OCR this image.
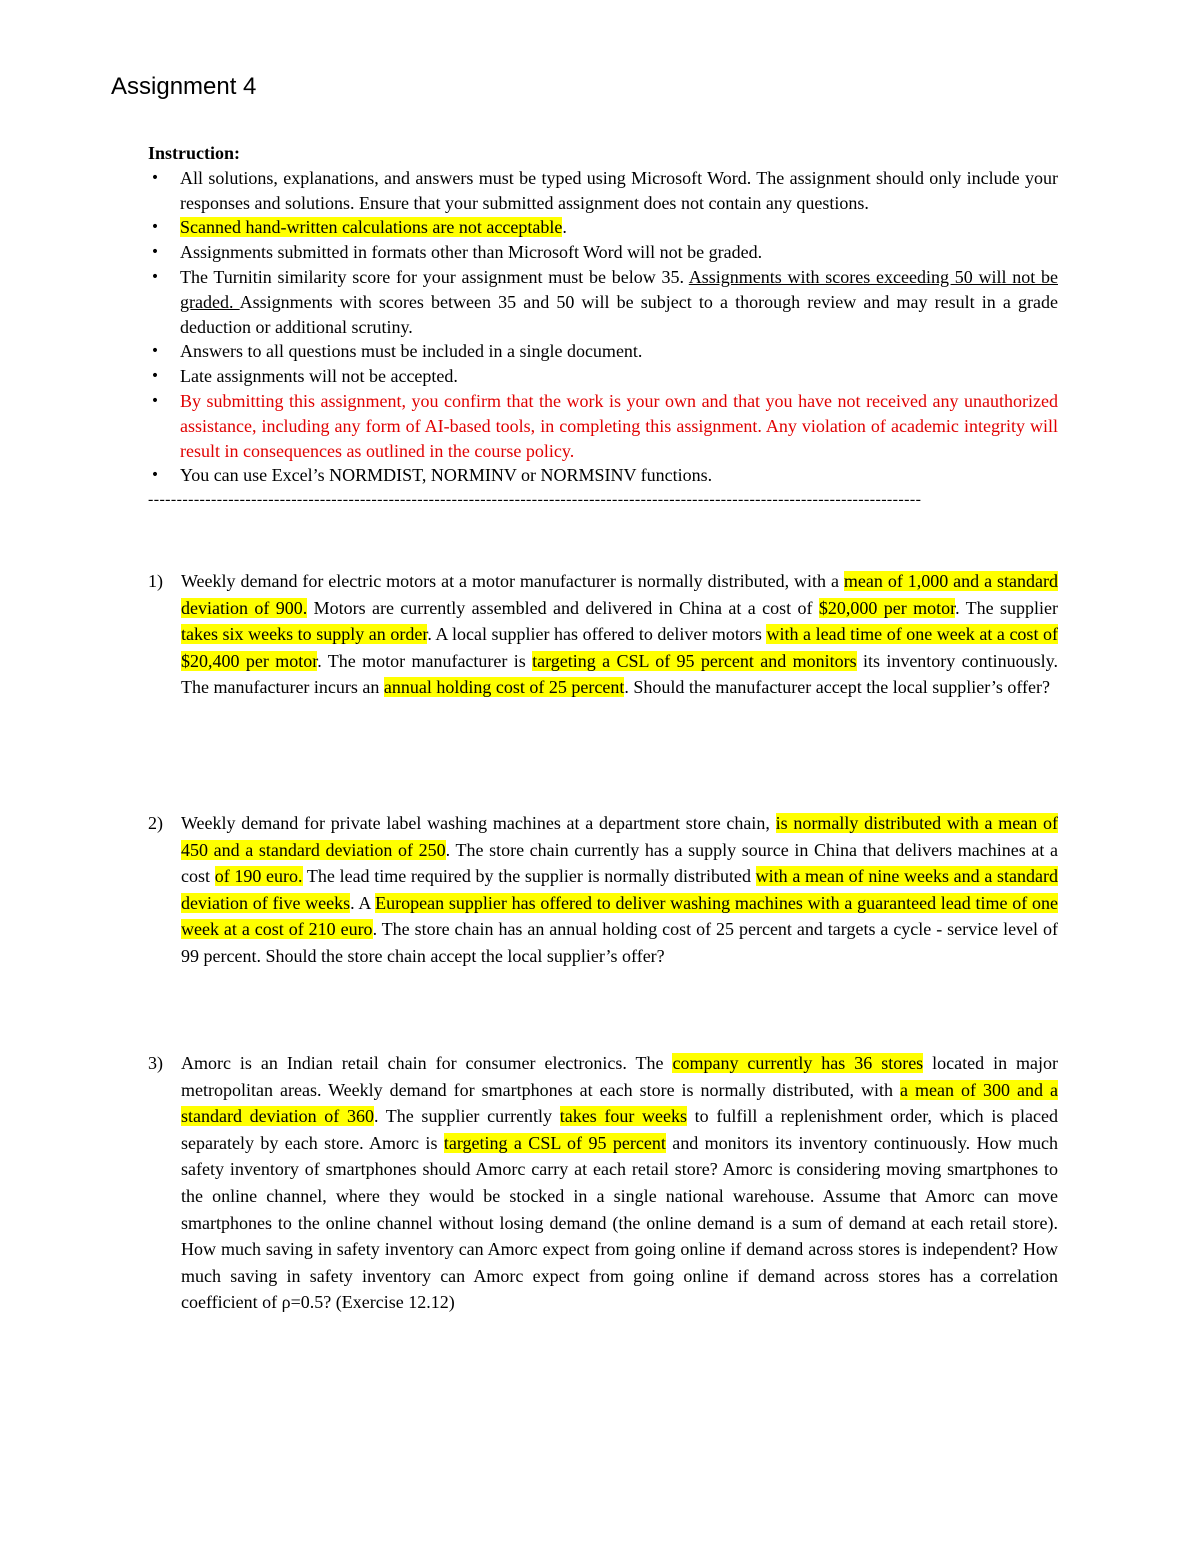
Assignment 4

Instruction:

• All solutions, explanations, and answers must be typed using Microsoft Word. The assignment should only include your responses and solutions. Ensure that your submitted assignment does not contain any questions.
• Scanned hand-written calculations are not acceptable.
• Assignments submitted in formats other than Microsoft Word will not be graded.
• The Turnitin similarity score for your assignment must be below 35. Assignments with scores exceeding 50 will not be graded. Assignments with scores between 35 and 50 will be subject to a thorough review and may result in a grade deduction or additional scrutiny.
• Answers to all questions must be included in a single document.
• Late assignments will not be accepted.
• By submitting this assignment, you confirm that the work is your own and that you have not received any unauthorized assistance, including any form of AI-based tools, in completing this assignment. Any violation of academic integrity will result in consequences as outlined in the course policy.
• You can use Excel’s NORMDIST, NORMINV or NORMSINV functions.
---------------------------------------------------------------------------------------------------------------------------------------
1) Weekly demand for electric motors at a motor manufacturer is normally distributed, with a mean of 1,000 and a standard deviation of 900. Motors are currently assembled and delivered in China at a cost of $20,000 per motor. The supplier takes six weeks to supply an order. A local supplier has offered to deliver motors with a lead time of one week at a cost of $20,400 per motor. The motor manufacturer is targeting a CSL of 95 percent and monitors its inventory continuously. The manufacturer incurs an annual holding cost of 25 percent. Should the manufacturer accept the local supplier’s offer?
2) Weekly demand for private label washing machines at a department store chain, is normally distributed with a mean of 450 and a standard deviation of 250. The store chain currently has a supply source in China that delivers machines at a cost of 190 euro. The lead time required by the supplier is normally distributed with a mean of nine weeks and a standard deviation of five weeks. A European supplier has offered to deliver washing machines with a guaranteed lead time of one week at a cost of 210 euro. The store chain has an annual holding cost of 25 percent and targets a cycle - service level of 99 percent. Should the store chain accept the local supplier’s offer?
3) Amorc is an Indian retail chain for consumer electronics. The company currently has 36 stores located in major metropolitan areas. Weekly demand for smartphones at each store is normally distributed, with a mean of 300 and a standard deviation of 360. The supplier currently takes four weeks to fulfill a replenishment order, which is placed separately by each store. Amorc is targeting a CSL of 95 percent and monitors its inventory continuously. How much safety inventory of smartphones should Amorc carry at each retail store? Amorc is considering moving smartphones to the online channel, where they would be stocked in a single national warehouse. Assume that Amorc can move smartphones to the online channel without losing demand (the online demand is a sum of demand at each retail store). How much saving in safety inventory can Amorc expect from going online if demand across stores is independent? How much saving in safety inventory can Amorc expect from going online if demand across stores has a correlation coefficient of ρ=0.5? (Exercise 12.12)
